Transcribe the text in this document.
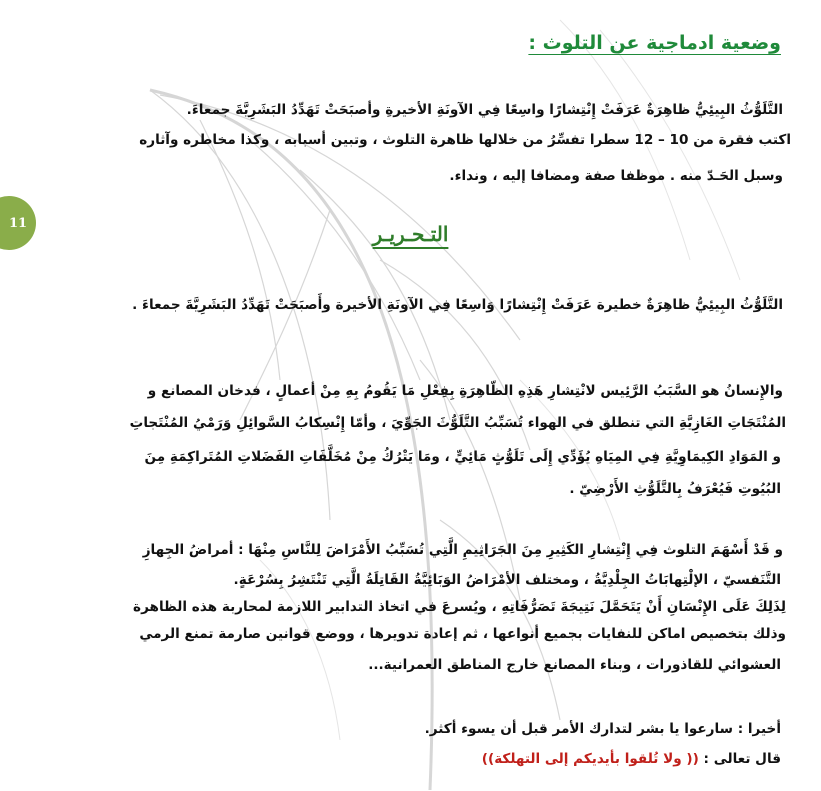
وضعية ادماجية عن التلوث :
التَّلَوُّثُ البِيئِيُّ ظاهِرَةٌ عَرَفَتْ إِنْتِشارًا واسِعًا فِي الآونَةِ الأخيرةِ وأصبَحَتْ تَهَدِّدُ البَشَرِيَّةَ جمعاءَ.
اكتب فقرة من 10 – 12 سطرا تفسِّرُ من خلالها ظاهرة التلوث ، وتبين أسبابه ، وكذا مخاطره وآثاره
وسبل الحَـدّ منه . موظفا صفة ومضافا إليه ، ونداء.
11	التـحـريـر
التَّلَوُّثُ البِيئِيُّ ظاهِرَةٌ خطيرة عَرَفَتْ إِنْتِشارًا وَاسِعًا فِي الآونَةِ الأخيرة وأَصبَحَتْ تَهَدِّدُ البَشَرِيَّةَ جمعاءَ .
والإِنسانُ هو السَّبَبُ الرَّئِيس لانْتِشارِ هَذِهِ الظّاهِرَةِ بِفِعْلِ مَا يَقُومُ بِهِ مِنْ أعمالٍ ، فدخان المصانع و
المُنْتَجَاتِ الغَازِيَّةِ التي تنطلق في الهواء تُسَبِّبُ التَّلَوُّثَ الجَوِّيَ ، وأمّا إِنْسِكابُ السَّوائِلِ وَرَمْيُ المُنْتَجاتِ
و المَوَادِ الكِيمَاوِيَّةِ فِي المِيَاهِ يُؤَدِّي إِلَى تَلَوُّثٍ مَائِيٍّ ، ومَا يَتْرُكُ مِنْ مُخَلَّفَاتِ الفَضَلاتِ المُتَراكِمَةِ مِنَ
البُيُوتِ فَيُعْرَفُ بِالتَّلَوُّثِ الأَرْضِيّ .
و قَدْ أَسْهَمَ التلوث فِي إِنْتِشارِ الكَثِيرِ مِنَ الجَرَاثِيمِ الَّتِي تُسَبِّبُ الأَمْرَاضَ لِلنَّاسِ مِنْهَا : أمراضُ الجِهازِ
التَّنَفسيّ ، الإلْتِهابَاتُ الجِلْدِيَّةُ ، ومختلف الأمْرَاضُ الوَبَائِيَّةُ القَاتِلَةُ الَّتِي تَنْتَشِرُ بِسُرْعَةٍ.
لِذَلِكَ عَلَى الإِنْسَانِ أَنْ يَتَحَمَّلَ نَتِيجَةَ تَصَرُّفَاتِهِ ، ويُسرعَ في اتخاذ التدابير اللازمة لمحاربة هذه الظاهرة
وذلك بتخصيص اماكن للنفايات بجميع أنواعها ، ثم إعادة تدويرها ، ووضع قوانين صارمة تمنع الرمي
العشوائي للقاذورات ، وبناء المصانع خارج المناطق العمرانية...
أخيرا : سارعوا يا بشر لتدارك الأمر قبل أن يسوء أكثر.
قال تعالى : (( ولا تُلقوا بأيديكم إلى التهلكة))
